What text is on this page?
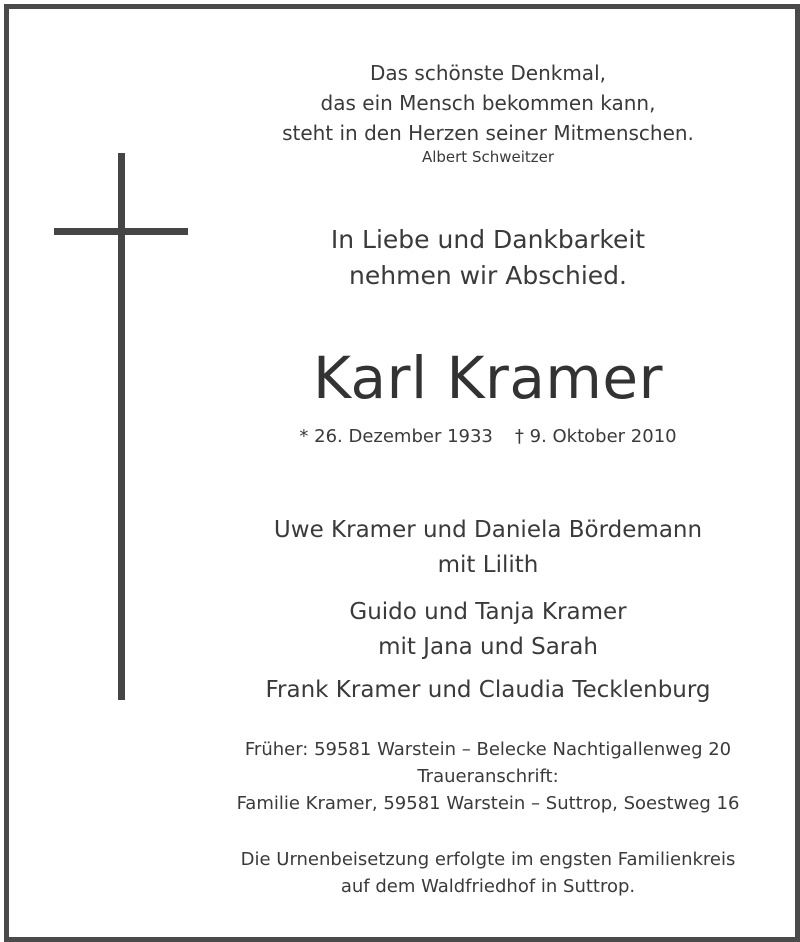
Das schönste Denkmal,
das ein Mensch bekommen kann,
steht in den Herzen seiner Mitmenschen.
Albert Schweitzer
In Liebe und Dankbarkeit
nehmen wir Abschied.
Karl Kramer
* 26. Dezember 1933 † 9. Oktober 2010
Uwe Kramer und Daniela Bördemann
mit Lilith
Guido und Tanja Kramer
mit Jana und Sarah
Frank Kramer und Claudia Tecklenburg
Früher: 59581 Warstein – Belecke Nachtigallenweg 20
Traueranschrift:
Familie Kramer, 59581 Warstein – Suttrop, Soestweg 16
Die Urnenbeisetzung erfolgte im engsten Familienkreis
auf dem Waldfriedhof in Suttrop.
